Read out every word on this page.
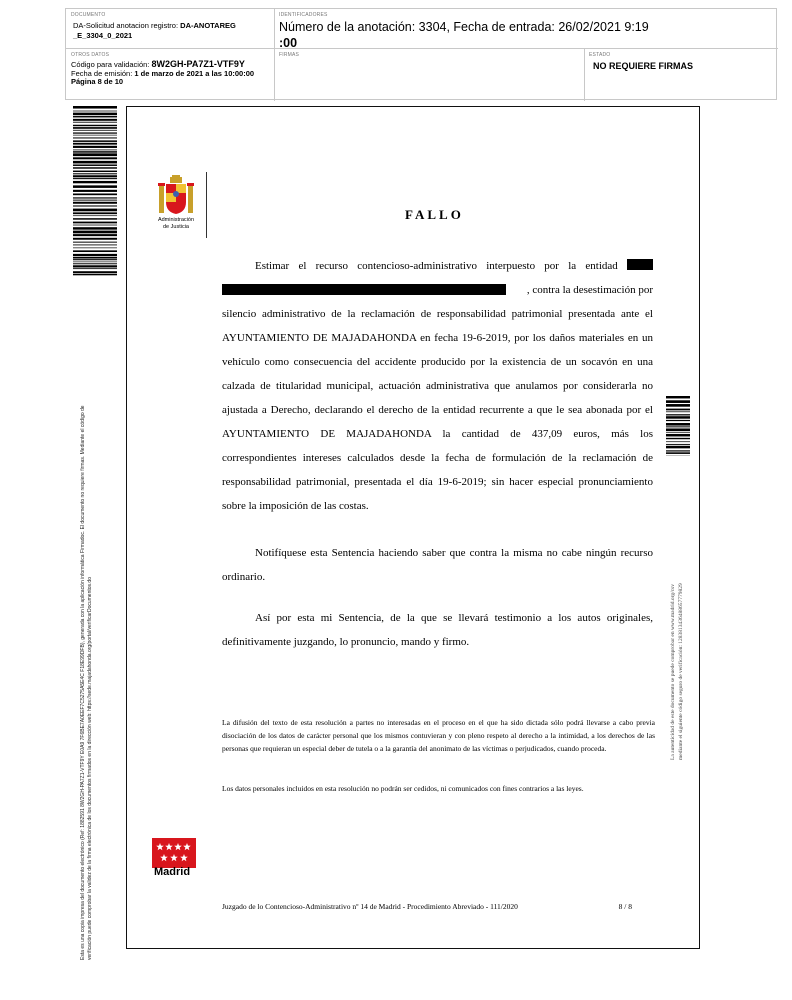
DOCUMENTO
DA-Solicitud anotacion registro: DA-ANOTAREG
_E_3304_0_2021
IDENTIFICADORES
Número de la anotación: 3304, Fecha de entrada: 26/02/2021 9:19
:00
OTROS DATOS
Código para validación: 8W2GH-PA7Z1-VTF9Y
Fecha de emisión: 1 de marzo de 2021 a las 10:00:00
Página 8 de 10
FIRMAS	ESTADO
NO REQUIERE FIRMAS
Esta es una copia impresa del documento electrónico (Ref: 1882591 8W2GH-PA7Z1-VTF9Y E0A9 7F6BE7A0EEF7C5275A5E4C F18E99DFB), generada con la aplicación informática Firmadoc. El documento no requiere firmas. Mediante el código de verificación puede comprobar la validez de la firma electrónica de los documentos firmados en la dirección web: https://sede.majadahonda.org/portal/verificarDocumentos.do	La autenticidad de este documento se puede comprobar en www.madrid.org/csv mediante el siguiente código seguro de verificación: 1283813436488657779829
Administración
de Justicia
FALLO
Estimar el recurso contencioso-administrativo interpuesto por la entidad
, contra la desestimación por
silencio administrativo de la reclamación de responsabilidad patrimonial presentada ante el AYUNTAMIENTO DE MAJADAHONDA en fecha 19-6-2019, por los daños materiales en un vehículo como consecuencia del accidente producido por la existencia de un socavón en una calzada de titularidad municipal, actuación administrativa que anulamos por considerarla no ajustada a Derecho, declarando el derecho de la entidad recurrente a que le sea abonada por el AYUNTAMIENTO DE MAJADAHONDA la cantidad de 437,09 euros, más los correspondientes intereses calculados desde la fecha de formulación de la reclamación de responsabilidad patrimonial, presentada el día 19-6-2019; sin hacer especial pronunciamiento sobre la imposición de las costas.
Notifíquese esta Sentencia haciendo saber que contra la misma no cabe ningún recurso ordinario.
Así por esta mi Sentencia, de la que se llevará testimonio a los autos originales, definitivamente juzgando, lo pronuncio, mando y firmo.
La difusión del texto de esta resolución a partes no interesadas en el proceso en el que ha sido dictada sólo podrá llevarse a cabo previa disociación de los datos de carácter personal que los mismos contuvieran y con pleno respeto al derecho a la intimidad, a los derechos de las personas que requieran un especial deber de tutela o a la garantía del anonimato de las víctimas o perjudicados, cuando proceda.
Los datos personales incluidos en esta resolución no podrán ser cedidos, ni comunicados con fines contrarios a las leyes.
Madrid
Juzgado de lo Contencioso-Administrativo nº 14 de Madrid - Procedimiento Abreviado - 111/2020	8 / 8
